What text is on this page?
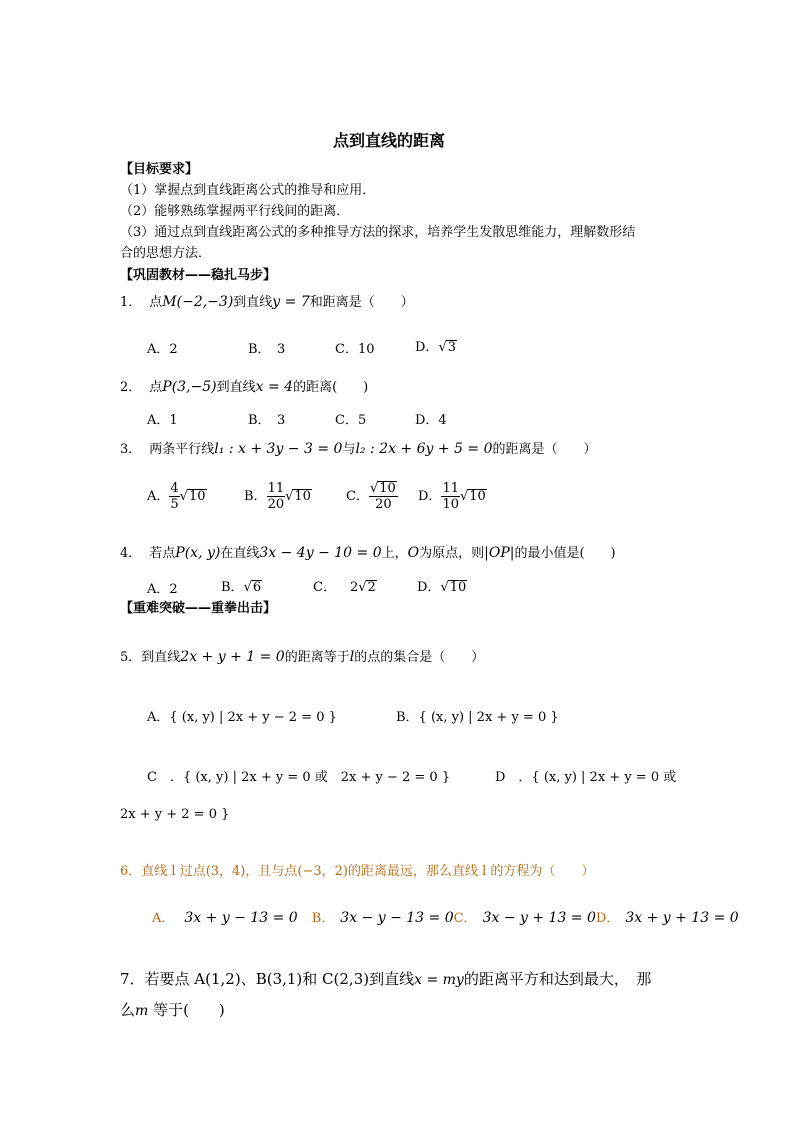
点到直线的距离
【目标要求】
（1）掌握点到直线距离公式的推导和应用．
（2）能够熟练掌握两平行线间的距离．
（3）通过点到直线距离公式的多种推导方法的探求，培养学生发散思维能力，理解数形结
合的思想方法．
【巩固教材——稳扎马步】
1． 点M(−2,−3)到直线y = 7和距离是（　　）
A．2	B．　3	C．10	D．√3
2． 点P(3,−5)到直线x = 4的距离(　　)
A．1	B．　3	C．5	D．4
3． 两条平行线l₁ : x + 3y − 3 = 0与l₂ : 2x + 6y + 5 = 0的距离是（　　）
A． $\frac{4}{5} √10$	B． $\frac{11}{20} √10$	C． $\frac{√10}{20}$ D． $\frac{11}{10} √10$
4． 若点P(x, y)在直线3x − 4y − 10 = 0上，O为原点，则|OP|的最小值是(　　)
A．2	B．√6	C． 2√2	D．√10
【重难突破——重拳出击】
5．到直线2x + y + 1 = 0的距离等于l的点的集合是（　　）
A．{ (x, y) | 2x + y − 2 = 0 }	B．{ (x, y) | 2x + y = 0 }
C　．{ (x, y) | 2x + y = 0 或　2x + y − 2 = 0 }	D　．{ (x, y) | 2x + y = 0 或
2x + y + 2 = 0 }
6．直线 l 过点(3，4)，且与点(−3，2)的距离最远，那么直线 l 的方程为（　　）
A． 3x + y − 13 = 0 B． 3x − y − 13 = 0C． 3x − y + 13 = 0D． 3x + y + 13 = 0
7．若要点 A(1,2)、B(3,1)和 C(2,3)到直线x = my的距离平方和达到最大，　那
么m 等于(　　)
